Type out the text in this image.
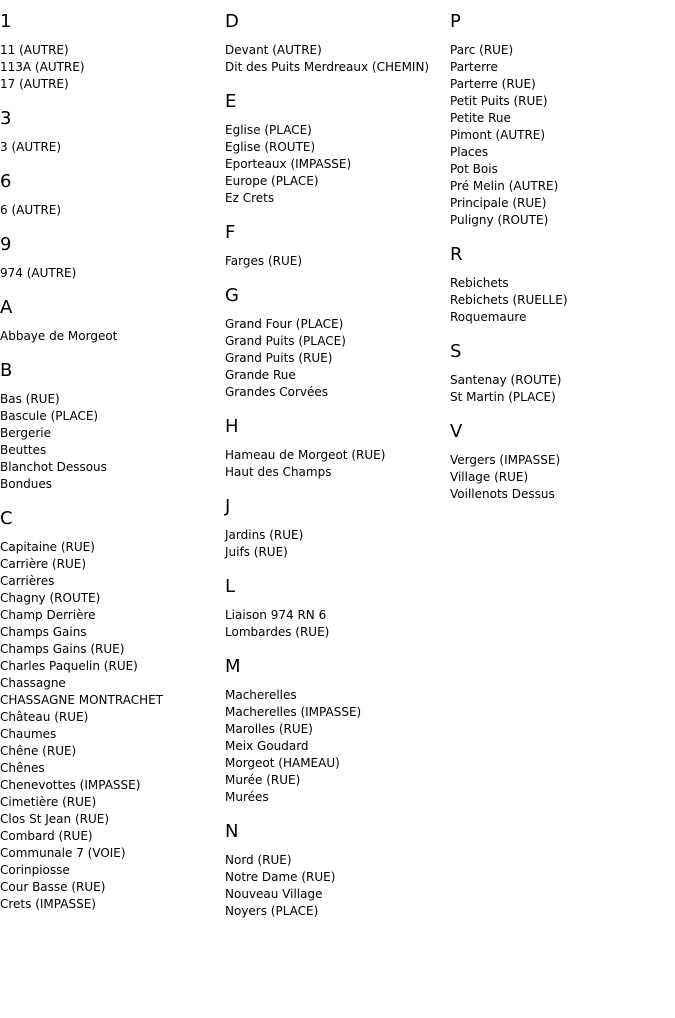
1
11 (AUTRE)
113A (AUTRE)
17 (AUTRE)
3
3 (AUTRE)
6
6 (AUTRE)
9
974 (AUTRE)
A
Abbaye de Morgeot
B
Bas (RUE)
Bascule (PLACE)
Bergerie
Beuttes
Blanchot Dessous
Bondues
C
Capitaine (RUE)
Carrière (RUE)
Carrières
Chagny (ROUTE)
Champ Derrière
Champs Gains
Champs Gains (RUE)
Charles Paquelin (RUE)
Chassagne
CHASSAGNE MONTRACHET
Château (RUE)
Chaumes
Chêne (RUE)
Chênes
Chenevottes (IMPASSE)
Cimetière (RUE)
Clos St Jean (RUE)
Combard (RUE)
Communale 7 (VOIE)
Corinpiosse
Cour Basse (RUE)
Crets (IMPASSE)
D
Devant (AUTRE)
Dit des Puits Merdreaux (CHEMIN)
E
Eglise (PLACE)
Eglise (ROUTE)
Eporteaux (IMPASSE)
Europe (PLACE)
Ez Crets
F
Farges (RUE)
G
Grand Four (PLACE)
Grand Puits (PLACE)
Grand Puits (RUE)
Grande Rue
Grandes Corvées
H
Hameau de Morgeot (RUE)
Haut des Champs
J
Jardins (RUE)
Juifs (RUE)
L
Liaison 974 RN 6
Lombardes (RUE)
M
Macherelles
Macherelles (IMPASSE)
Marolles (RUE)
Meix Goudard
Morgeot (HAMEAU)
Murée (RUE)
Murées
N
Nord (RUE)
Notre Dame (RUE)
Nouveau Village
Noyers (PLACE)
P
Parc (RUE)
Parterre
Parterre (RUE)
Petit Puits (RUE)
Petite Rue
Pimont (AUTRE)
Places
Pot Bois
Pré Melin (AUTRE)
Principale (RUE)
Puligny (ROUTE)
R
Rebichets
Rebichets (RUELLE)
Roquemaure
S
Santenay (ROUTE)
St Martin (PLACE)
V
Vergers (IMPASSE)
Village (RUE)
Voillenots Dessus
